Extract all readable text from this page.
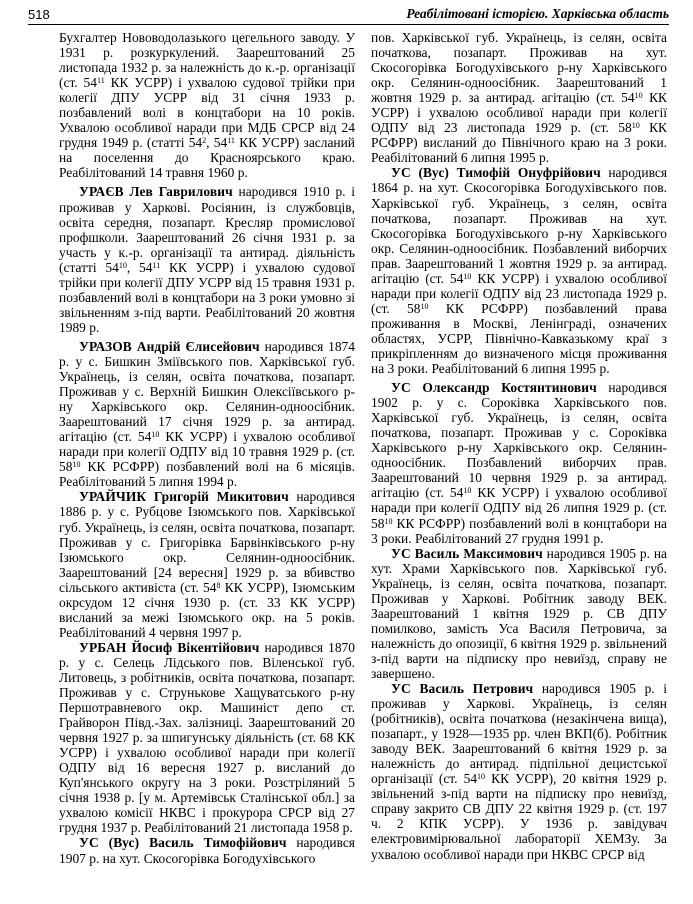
518	Реабілітовані історією. Харківська область

Бухгалтер Нововодолазького цегельного заводу. У 1931 р. розкуркулений. Заарештований 25 листопада 1932 р. за належність до к.-р. організації (ст. $54^{11}$ КК УСРР) і ухвалою судової трійки при колегії ДПУ УСРР від 31 січня 1933 р. позбавлений волі в концтабори на 10 років. Ухвалою особливої наради при МДБ СРСР від 24 грудня 1949 р. (статті $54^2$, $54^{11}$ КК УСРР) засланий на поселення до Красноярського краю. Реабілітований 14 травня 1960 р.

УРАЄВ Лев Гаврилович народився 1910 р. і проживав у Харкові. Росіянин, із службовців, освіта середня, позапарт. Кресляр промислової профшколи. Заарештований 26 січня 1931 р. за участь у к.-р. організації та антирад. діяльність (статті $54^{10}$, $54^{11}$ КК УСРР) і ухвалою судової трійки при колегії ДПУ УСРР від 15 травня 1931 р. позбавлений волі в концтабори на 3 роки умовно зі звільненням з-під варти. Реабілітований 20 жовтня 1989 р.

УРАЗОВ Андрій Єлисейович народився 1874 р. у с. Бишкин Зміївського пов. Харківської губ. Українець, із селян, освіта початкова, позапарт. Проживав у с. Верхній Бишкин Олексіївського р-ну Харківського окр. Селянин-одноосібник. Заарештований 17 січня 1929 р. за антирад. агітацію (ст. $54^{10}$ КК УСРР) і ухвалою особливої наради при колегії ОДПУ від 10 травня 1929 р. (ст. $58^{10}$ КК РСФРР) позбавлений волі на 6 місяців. Реабілітований 5 липня 1994 р.

УРАЙЧИК Григорій Микитович народився 1886 р. у с. Рубцове Ізюмського пов. Харківської губ. Українець, із селян, освіта початкова, позапарт. Проживав у с. Григорівка Барвінківського р-ну Ізюмського окр. Селянин-одноосібник. Заарештований [24 вересня] 1929 р. за вбивство сільського активіста (ст. $54^8$ КК УСРР), Ізюмським окрсудом 12 січня 1930 р. (ст. 33 КК УСРР) висланий за межі Ізюмського окр. на 5 років. Реабілітований 4 червня 1997 р.

УРБАН Йосиф Вікентійович народився 1870 р. у с. Селець Лідського пов. Віленської губ. Литовець, з робітників, освіта початкова, позапарт. Проживав у с. Струнькове Хащуватського р-ну Першотравневого окр. Машиніст депо ст. Грайворон Півд.-Зах. залізниці. Заарештований 20 червня 1927 р. за шпигунську діяльність (ст. 68 КК УСРР) і ухвалою особливої наради при колегії ОДПУ від 16 вересня 1927 р. висланий до Куп'янського округу на 3 роки. Розстріляний 5 січня 1938 р. [у м. Артемівськ Сталінської обл.] за ухвалою комісії НКВС і прокурора СРСР від 27 грудня 1937 р. Реабілітований 21 листопада 1958 р.

УС (Вус) Василь Тимофійович народився 1907 р. на хут. Скосогорівка Богодухівського

пов. Харківської губ. Українець, із селян, освіта початкова, позапарт. Проживав на хут. Скосогорівка Богодухівського р-ну Харківського окр. Селянин-одноосібник. Заарештований 1 жовтня 1929 р. за антирад. агітацію (ст. $54^{10}$ КК УСРР) і ухвалою особливої наради при колегії ОДПУ від 23 листопада 1929 р. (ст. $58^{10}$ КК РСФРР) висланий до Північного краю на 3 роки. Реабілітований 6 липня 1995 р.

УС (Вус) Тимофій Онуфрійович народився 1864 р. на хут. Скосогорівка Богодухівського пов. Харківської губ. Українець, з селян, освіта початкова, позапарт. Проживав на хут. Скосогорівка Богодухівського р-ну Харківського окр. Селянин-одноосібник. Позбавлений виборчих прав. Заарештований 1 жовтня 1929 р. за антирад. агітацію (ст. $54^{10}$ КК УСРР) і ухвалою особливої наради при колегії ОДПУ від 23 листопада 1929 р. (ст. $58^{10}$ КК РСФРР) позбавлений права проживання в Москві, Ленінграді, означених областях, УСРР, Північно-Кавказькому краї з прикріпленням до визначеного місця проживання на 3 роки. Реабілітований 6 липня 1995 р.

УС Олександр Костянтинович народився 1902 р. у с. Сороківка Харківського пов. Харківської губ. Українець, із селян, освіта початкова, позапарт. Проживав у с. Сороківка Харківського р-ну Харківського окр. Селянин-одноосібник. Позбавлений виборчих прав. Заарештований 10 червня 1929 р. за антирад. агітацію (ст. $54^{10}$ КК УСРР) і ухвалою особливої наради при колегії ОДПУ від 26 липня 1929 р. (ст. $58^{10}$ КК РСФРР) позбавлений волі в концтабори на 3 роки. Реабілітований 27 грудня 1991 р.

УС Василь Максимович народився 1905 р. на хут. Храми Харківського пов. Харківської губ. Українець, із селян, освіта початкова, позапарт. Проживав у Харкові. Робітник заводу ВЕК. Заарештований 1 квітня 1929 р. СВ ДПУ помилково, замість Уса Василя Петровича, за належність до опозиції, 6 квітня 1929 р. звільнений з-під варти на підписку про невиїзд, справу не завершено.

УС Василь Петрович народився 1905 р. і проживав у Харкові. Українець, із селян (робітників), освіта початкова (незакінчена вища), позапарт., у 1928—1935 рр. член ВКП(б). Робітник заводу ВЕК. Заарештований 6 квітня 1929 р. за належність до антирад. підпільної децистської організації (ст. $54^{10}$ КК УСРР), 20 квітня 1929 р. звільнений з-під варти на підписку про невиїзд, справу закрито СВ ДПУ 22 квітня 1929 р. (ст. 197 ч. 2 КПК УСРР). У 1936 р. завідувач електровимірювальної лабораторії ХЕМЗу. За ухвалою особливої наради при НКВС СРСР від
